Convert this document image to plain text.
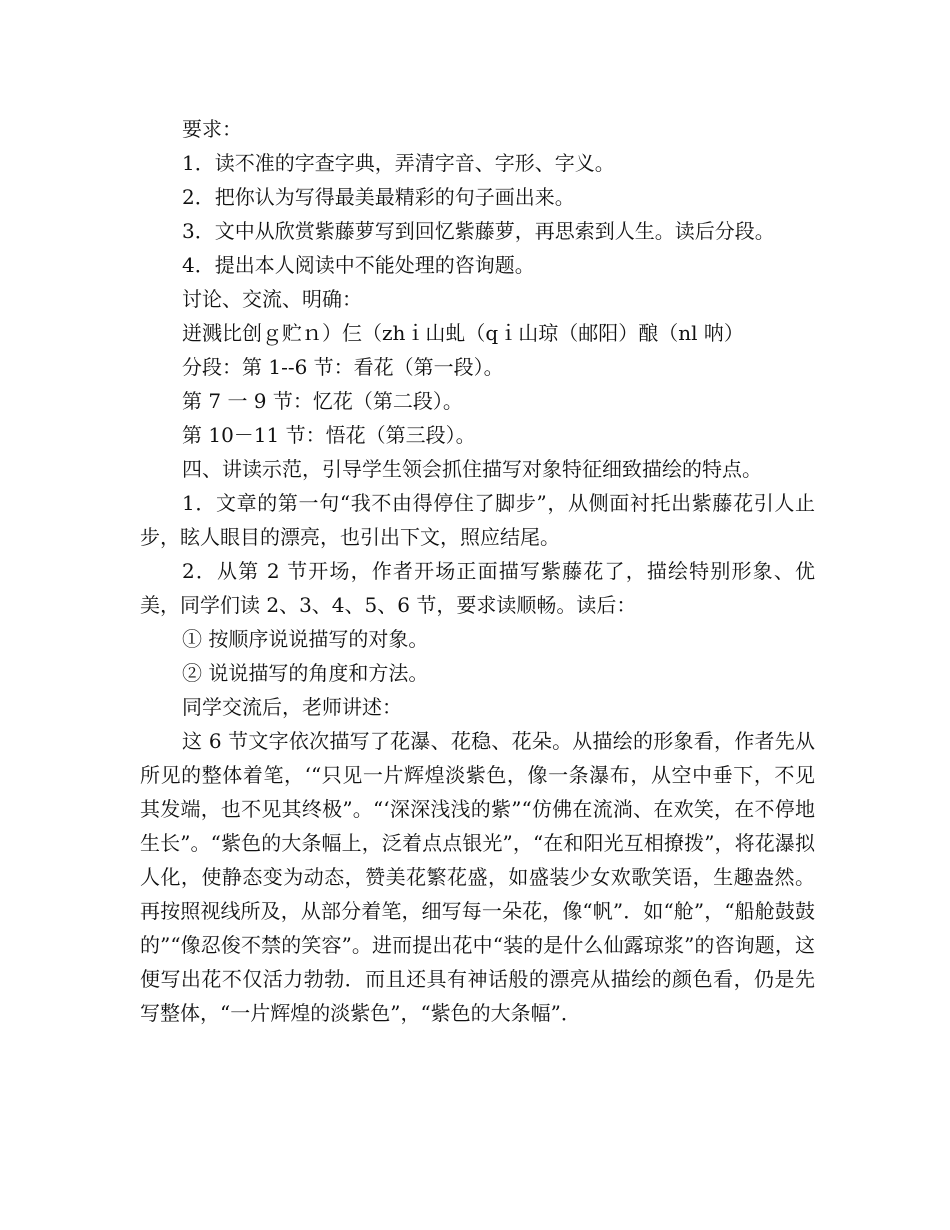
要求：
1．读不准的字查字典，弄清字音、字形、字义。
2．把你认为写得最美最精彩的句子画出来。
3．文中从欣赏紫藤萝写到回忆紫藤萝，再思索到人生。读后分段。
4．提出本人阅读中不能处理的咨询题。
讨论、交流、明确：
迸溅比创ｇ贮ｎ）仨（zhｉ山虬（qｉ山琼（邮阳）酿（nl 呐）
分段：第 1--6 节：看花（第一段）。
第 7 一 9 节：忆花（第二段）。
第 10－11 节：悟花（第三段）。
四、讲读示范，引导学生领会抓住描写对象特征细致描绘的特点。
1．文章的第一句“我不由得停住了脚步”，从侧面衬托出紫藤花引人止步，眩人眼目的漂亮，也引出下文，照应结尾。
2．从第 2 节开场，作者开场正面描写紫藤花了，描绘特别形象、优美，同学们读 2、3、4、5、6 节，要求读顺畅。读后：
① 按顺序说说描写的对象。
② 说说描写的角度和方法。
同学交流后，老师讲述：
这 6 节文字依次描写了花瀑、花稳、花朵。从描绘的形象看，作者先从所见的整体着笔，‘“只见一片辉煌淡紫色，像一条瀑布，从空中垂下，不见其发端，也不见其终极”。“‘深深浅浅的紫”“仿佛在流淌、在欢笑，在不停地生长”。“紫色的大条幅上，泛着点点银光”，“在和阳光互相撩拨”，将花瀑拟人化，使静态变为动态，赞美花繁花盛，如盛装少女欢歌笑语，生趣盎然。再按照视线所及，从部分着笔，细写每一朵花，像“帆”．如“舱”，“船舱鼓鼓的”“像忍俊不禁的笑容”。进而提出花中“装的是什么仙露琼浆”的咨询题，这便写出花不仅活力勃勃．而且还具有神话般的漂亮从描绘的颜色看，仍是先写整体，“一片辉煌的淡紫色”，“紫色的大条幅”．
